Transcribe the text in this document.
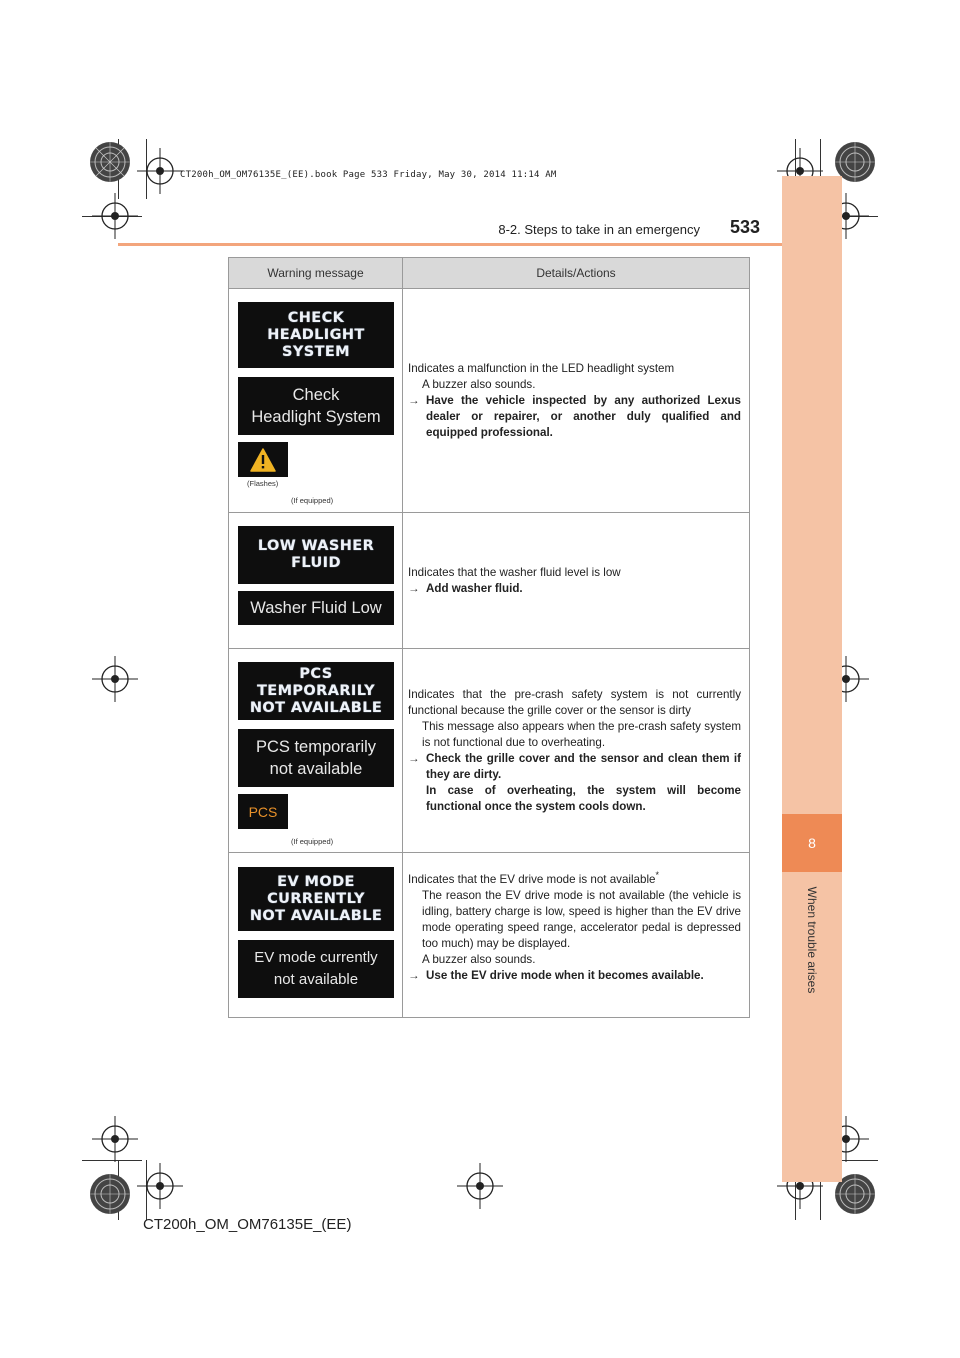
CT200h_OM_OM76135E_(EE).book Page 533 Friday, May 30, 2014 11:14 AM
8
When trouble arises
8-2. Steps to take in an emergency 533
Warning message	Details/Actions
CHECK
HEADLIGHT
SYSTEM
Check
Headlight System
(Flashes)
(If equipped)

Indicates a malfunction in the LED headlight system

A buzzer also sounds.

→ Have the vehicle inspected by any authorized Lexus dealer or repairer, or another duly qualified and equipped professional.

LOW WASHER
FLUID
Washer Fluid Low

Indicates that the washer fluid level is low

→ Add washer fluid.

PCS TEMPORARILY
NOT AVAILABLE
PCS temporarily
not available
PCS
(If equipped)

Indicates that the pre-crash safety system is not currently functional because the grille cover or the sensor is dirty

This message also appears when the pre-crash safety system is not functional due to overheating.

→ Check the grille cover and the sensor and clean them if they are dirty.

In case of overheating, the system will become functional once the system cools down.

EV MODE
CURRENTLY
NOT AVAILABLE
EV mode currently
not available

Indicates that the EV drive mode is not available*

The reason the EV drive mode is not available (the vehicle is idling, battery charge is low, speed is higher than the EV drive mode operating speed range, accelerator pedal is depressed too much) may be displayed.

A buzzer also sounds.

→ Use the EV drive mode when it becomes available.

CT200h_OM_OM76135E_(EE)
